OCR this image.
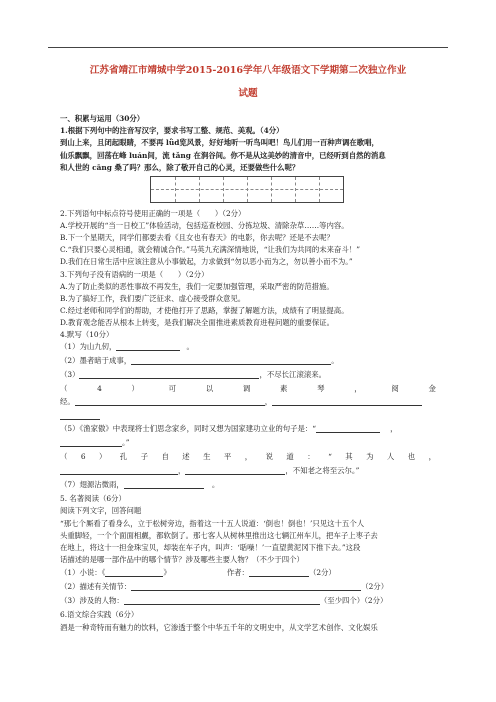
江苏省靖江市靖城中学2015-2016学年八年级语文下学期第二次独立作业
试题
一、积累与运用（30分）
1.根据下列句中的注音写汉字，要求书写工整、规范、美观。（4分）
到山上来，且闭起眼睛，不要再 lǜd览风景，好好地听一听鸟叫吧！鸟儿们用一百种声调在歌唱，
仙乐飘飘，回荡在峰 luán间，流 tǎng 在涧谷间。你不是从这美妙的清音中，已经听到自然的消息
和人世的 cāng 桑了吗？那么，除了敬开自己的心灵，还要做些什么呢？
2.下列语句中标点符号使用正确的一项是（　　）（2分）
A.学校开展的“当一日校工”体验活动，包括巡查校园、分拣垃圾、清除杂草……等内容。
B.下一个星期天，同学们都要去看《且女也有春天》的电影，你去呢？还是不去呢？
C.“我们只要心灵相通，就会精诚合作。”马英九充满深情地说，“让我们为共同的未来奋斗！”
D.我们在日常生活中应该注意从小事做起，力求做到“勿以恶小而为之，勿以善小而不为。”
3.下列句子没有语病的一项是（　　）（2分）
A.为了防止类似的恶性事故不再发生，我们一定要加强管理，采取严密的防范措施。
B.为了搞好工作，我们要广泛征求、虚心接受群众意见。
C.经过老师和同学们的帮助，才使他打开了思路，掌握了解题方法，成绩有了明显提高。
D.教育观念能否从根本上转变，是我们解决全面推进素质教育进程问题的重要保证。
4.默写（10分）
（1）为山九仞，	。
（2）墨者暗于成事，	。
（3）	，不尽长江滚滚来。
（	4	）	可	以	调	素	琴	，	阅	金
经。	，
（5）《渔家傲》中表现将士们思念家乡，同时又想为国家建功立业的句子是：“	，
。”
（ 6 ） 孔 子 自 述 生 平 ， 说 道 ： “ 其 为 人 也 ，
，	，不知老之将至云尔。”
（7）翅源沾微雨，	。
5. 名著阅读（6分）
阅读下列文字，回答问题
“那七个厮看了看身么，立于松树旁边，指着这一十五人说道：‘倒也！倒也！’只见这十五个人
头重脚轻，一个个面面相觑，都软倒了。那七客人从树林里推出这七辆江州车儿，把车子上枣子去
在地上，将这十一担金珠宝贝，却装在车子内，叫声：‘聒噪！’一直望黄泥冈下推下去。”这段
话描述的是哪一部作品中的哪个情节？涉及哪些主要人物？（不少于四个）
（1）小说：《	》	作者：	（2分）
（2）描述有关情节：	（2分）
（3）涉及的人物：	（至少四个）（2分）
6.语文综合实践（6分）
酒是一种奇特而有魅力的饮料，它渗透于整个中华五千年的文明史中，从文学艺术创作、文化娱乐
